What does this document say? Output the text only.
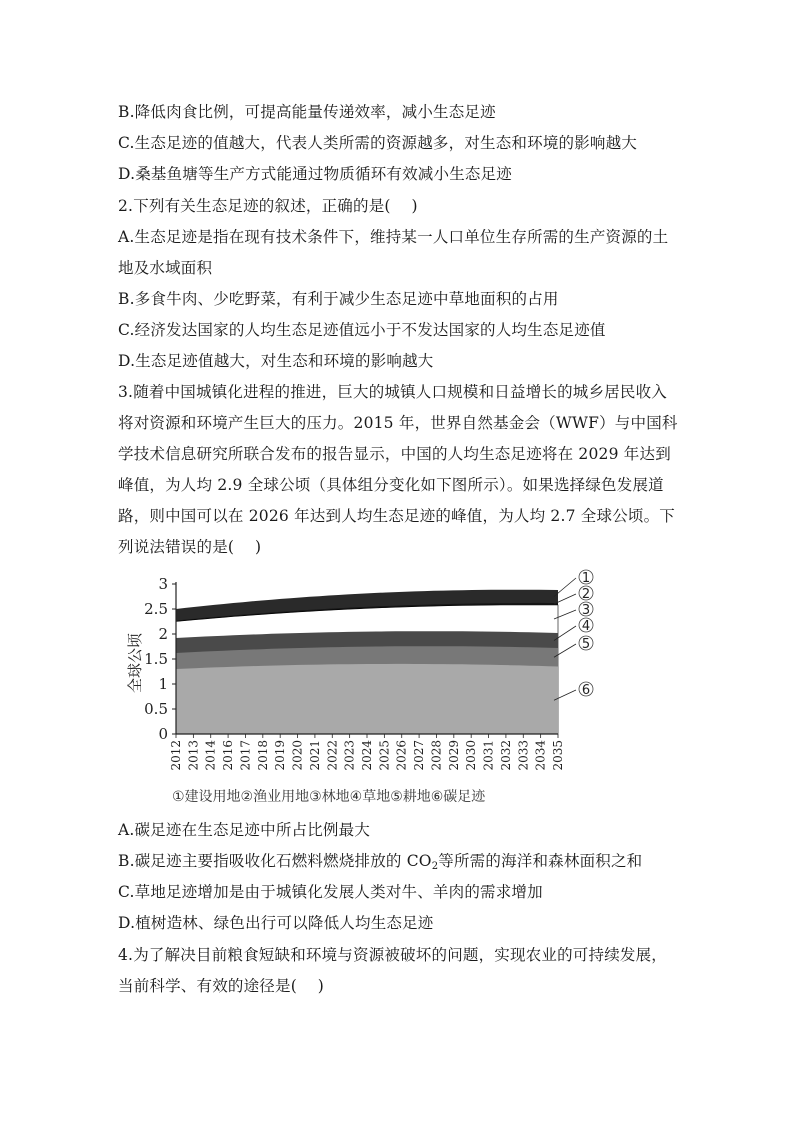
B.降低肉食比例，可提高能量传递效率，减小生态足迹
C.生态足迹的值越大，代表人类所需的资源越多，对生态和环境的影响越大
D.桑基鱼塘等生产方式能通过物质循环有效减小生态足迹
2.下列有关生态足迹的叙述，正确的是(　 )
A.生态足迹是指在现有技术条件下，维持某一人口单位生存所需的生产资源的土
地及水域面积
B.多食牛肉、少吃野菜，有利于减少生态足迹中草地面积的占用
C.经济发达国家的人均生态足迹值远小于不发达国家的人均生态足迹值
D.生态足迹值越大，对生态和环境的影响越大
3.随着中国城镇化进程的推进，巨大的城镇人口规模和日益增长的城乡居民收入
将对资源和环境产生巨大的压力。2015 年，世界自然基金会（WWF）与中国科
学技术信息研究所联合发布的报告显示，中国的人均生态足迹将在 2029 年达到
峰值，为人均 2.9 全球公顷（具体组分变化如下图所示）。如果选择绿色发展道
路，则中国可以在 2026 年达到人均生态足迹的峰值，为人均 2.7 全球公顷。下
列说法错误的是(　 )
0
0.5
1
1.5
2
2.5
3
全球公顷
2012 2013 2014 2016 2017 2018 2019 2020 2021 2022 2023 2024 2025 2026 2027 2028 2029 2030 2031 2032 2033 2034 2035
1
2
3
4
5
6
①建设用地②渔业用地③林地④草地⑤耕地⑥碳足迹
A.碳足迹在生态足迹中所占比例最大
B.碳足迹主要指吸收化石燃料燃烧排放的 $CO_2$等所需的海洋和森林面积之和
C.草地足迹增加是由于城镇化发展人类对牛、羊肉的需求增加
D.植树造林、绿色出行可以降低人均生态足迹
4.为了解决目前粮食短缺和环境与资源被破坏的问题，实现农业的可持续发展，
当前科学、有效的途径是(　 )
